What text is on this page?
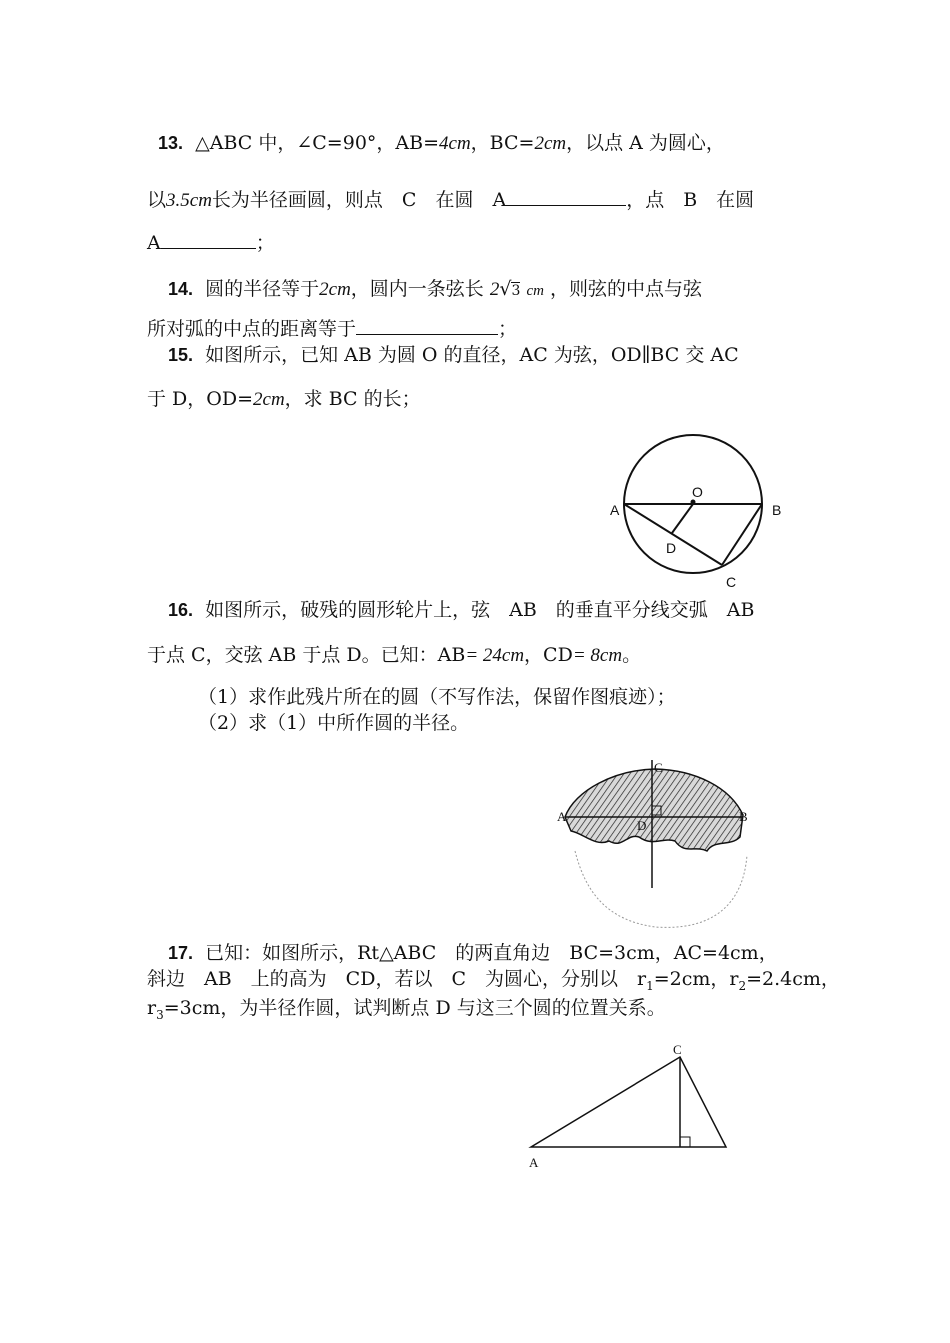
13. △ABC 中，∠C=90°，AB=4cm，BC=2cm，以点 A 为圆心，
以3.5cm长为半径画圆，则点　C　在圆　A	，点　B　在圆
A	；
14. 圆的半径等于2cm，圆内一条弦长 2√3 cm ，则弦的中点与弦
所对弧的中点的距离等于	；
15. 如图所示，已知 AB 为圆 O 的直径，AC 为弦，OD∥BC 交 AC
于 D，OD=2cm，求 BC 的长；
O
A	B
D
C
16. 如图所示，破残的圆形轮片上，弦　AB　的垂直平分线交弧　AB
于点 C，交弦 AB 于点 D。已知：AB= 24cm，CD= 8cm。
（1）求作此残片所在的圆（不写作法，保留作图痕迹）；
（2）求（1）中所作圆的半径。
C
A	B
D
17. 已知：如图所示，Rt△ABC　的两直角边　BC=3cm，AC=4cm，
斜边　AB　上的高为　CD，若以　C　为圆心，分别以　$r_1=2cm$，$r_2=2.4cm$，
$r_3=3cm$，为半径作圆，试判断点 D 与这三个圆的位置关系。
C
A
